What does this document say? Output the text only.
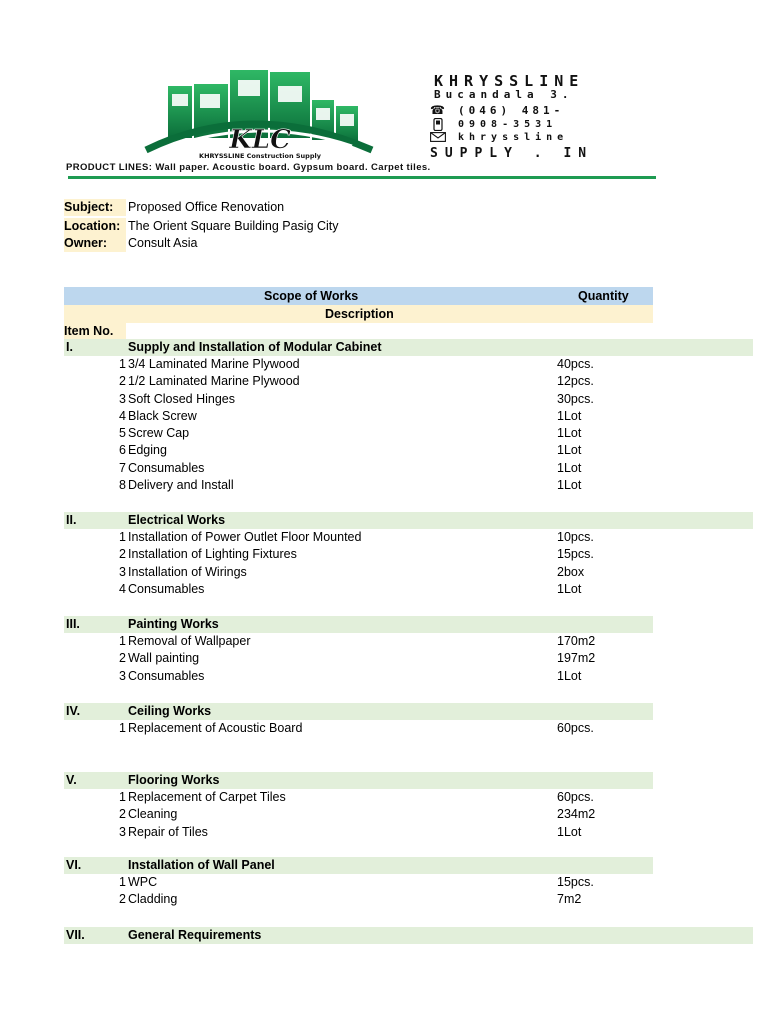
KLC
KHRYSSLINE Construction Supply
KHRYSSLINE
Bucandala 3.
☎ (046) 481-
0908-3531
khryssline
SUPPLY . IN
PRODUCT LINES: Wall paper. Acoustic board. Gypsum board. Carpet tiles.
Subject:	Proposed Office Renovation
Location: The Orient Square Building Pasig City
Owner:	Consult Asia
Scope of Works	Quantity
Description
Item No.
I.	Supply and Installation of Modular Cabinet
1 3/4 Laminated Marine Plywood	40pcs.
2 1/2 Laminated Marine Plywood	12pcs.
3 Soft Closed Hinges	30pcs.
4 Black Screw	1Lot
5 Screw Cap	1Lot
6 Edging	1Lot
7 Consumables	1Lot
8 Delivery and Install	1Lot
II.	Electrical Works
1 Installation of Power Outlet Floor Mounted	10pcs.
2 Installation of Lighting Fixtures	15pcs.
3 Installation of Wirings	2box
4 Consumables	1Lot
III.	Painting Works
1 Removal of Wallpaper	170m2
2 Wall painting	197m2
3 Consumables	1Lot
IV.	Ceiling Works
1 Replacement of Acoustic Board	60pcs.
V.	Flooring Works
1 Replacement of Carpet Tiles	60pcs.
2 Cleaning	234m2
3 Repair of Tiles	1Lot
VI.	Installation of Wall Panel
1 WPC	15pcs.
2 Cladding	7m2
VII.	General Requirements
